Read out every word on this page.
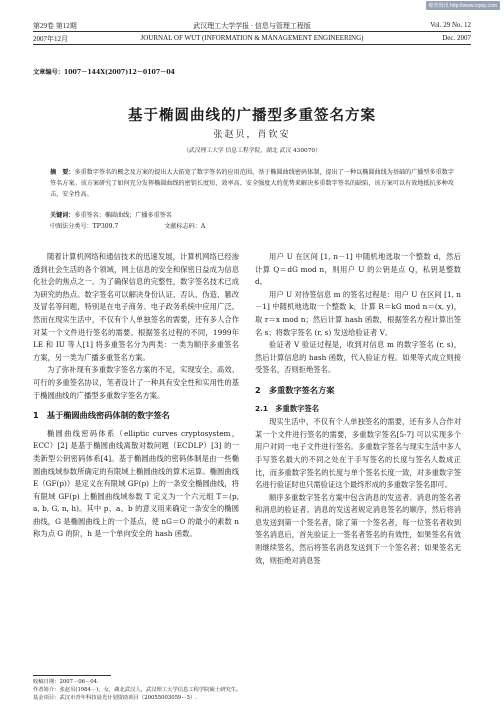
维普资讯 http://www.cqvip.com
第29卷 第12期	武汉理工大学学报 · 信息与管理工程版	Vol. 29 No. 12
2007年12月	JOURNAL OF WUT (INFORMATION & MANAGEMENT ENGINEERING)	Dec. 2007
文章编号：1007－144X(2007)12－0107－04
基于椭圆曲线的广播型多重签名方案
张赵贝，肖钦安
（武汉理工大学 信息工程学院，湖北 武汉 430070）
摘　要：多重数字签名的概念及方案的提出大大拓宽了数字签名的应用范围。基于椭圆曲线密码体制，提出了一种以椭圆曲线为基础的广播型多重数字签名方案。该方案研究了如何充分发挥椭圆曲线的密钥长度短、效率高、安全强度大的优势来解决多重数字签名的缺陷，该方案可以有效地抵抗多种攻击，安全性高。
关键词：多重签名；椭圆曲线；广播多重签名
中图法分类号：TP309.7	文献标志码：A

随着计算机网络和通信技术的迅速发展，计算机网络已经渗透到社会生活的各个领域，网上信息的安全和保密日益成为信息化社会的焦点之一。为了确保信息的完整性，数字签名技术已成为研究的热点。数字签名可以解决身份认证、否认、伪造、篡改及冒名等问题，特别是在电子商务、电子政务系统中应用广泛。然而在现实生活中，不仅有个人单独签名的需要，还有多人合作对某一个文件进行签名的需要。根据签名过程的不同，1999年 LE 和 IU 等人[1] 将多重签名分为两类：一类为顺序多重签名方案，另一类为广播多重签名方案。

为了弥补现有多重数字签名方案的不足，实现安全、高效、可行的多重签名协议，笔者设计了一种具有安全性和实用性的基于椭圆曲线的广播型多重数字签名方案。

1　基于椭圆曲线密码体制的数字签名

椭圆曲线密码体系（elliptic curves cryptosystem，ECC）[2] 是基于椭圆曲线离散对数问题（ECDLP）[3] 的一类新型公钥密码体系[4]。基于椭圆曲线的密码体制是由一些椭圆曲线域参数所确定的有限域上椭圆曲线的算术运算。椭圆曲线 E（GF(p)）是定义在有限域 GF(p) 上的一条安全椭圆曲线，将有限域 GF(p) 上椭圆曲线域参数 T 定义为一个六元组 T＝(p, a, b, G, n, h)。其中 p、a、b 的意义用来确定一条安全的椭圆曲线，G 是椭圆曲线上的一个基点，使 nG＝O 的最小的素数 n 称为点 G 的阶，h 是一个单向安全的 hash 函数。

用户 U 在区间 [1, n－1] 中随机地选取一个整数 d，然后计算 Q＝dG mod n，则用户 U 的公钥是点 Q，私钥是整数 d。

用户 U 对待签信息 m 的签名过程是：用户 U 在区间 [1, n－1] 中随机地选取一个整数 k，计算 R＝kG mod n＝(x, y)，取 r＝x mod n；然后计算 hash 函数，根据签名方程计算出签名 s；将数字签名 (r, s) 发送给验证者 V。

验证者 V 验证过程是，收到对信息 m 的数字签名 (r, s)，然后计算信息的 hash 函数，代入验证方程。如果等式成立则接受签名，否则拒绝签名。

2　多重数字签名方案
2.1　多重数字签名

现实生活中，不仅有个人单独签名的需要，还有多人合作对某一个文件进行签名的需要，多重数字签名[5-7] 可以实现多个用户对同一电子文件进行签名。多重数字签名与现实生活中多人手写签名最大的不同之处在于手写签名的长度与签名人数成正比，而多重数字签名的长度与单个签名长度一致，对多重数字签名进行验证时也只需验证这个最终形成的多重数字签名即可。

顺序多重数字签名方案中包含消息的发送者、消息的签名者和消息的验证者。消息的发送者规定消息签名的顺序，然后将消息发送到第一个签名者，除了第一个签名者，每一位签名者收到签名消息后，首先验证上一签名者签名的有效性，如果签名有效则继续签名，然后将签名消息发送到下一个签名者；如果签名无效，则拒绝对消息签

收稿日期：2007－06－04.
作者简介：张赵贝(1984－)，女，湖北武汉人，武汉理工大学信息工程学院硕士研究生。
基金项目：武汉市青年科技晨光计划资助项目（20055003059－5）.
